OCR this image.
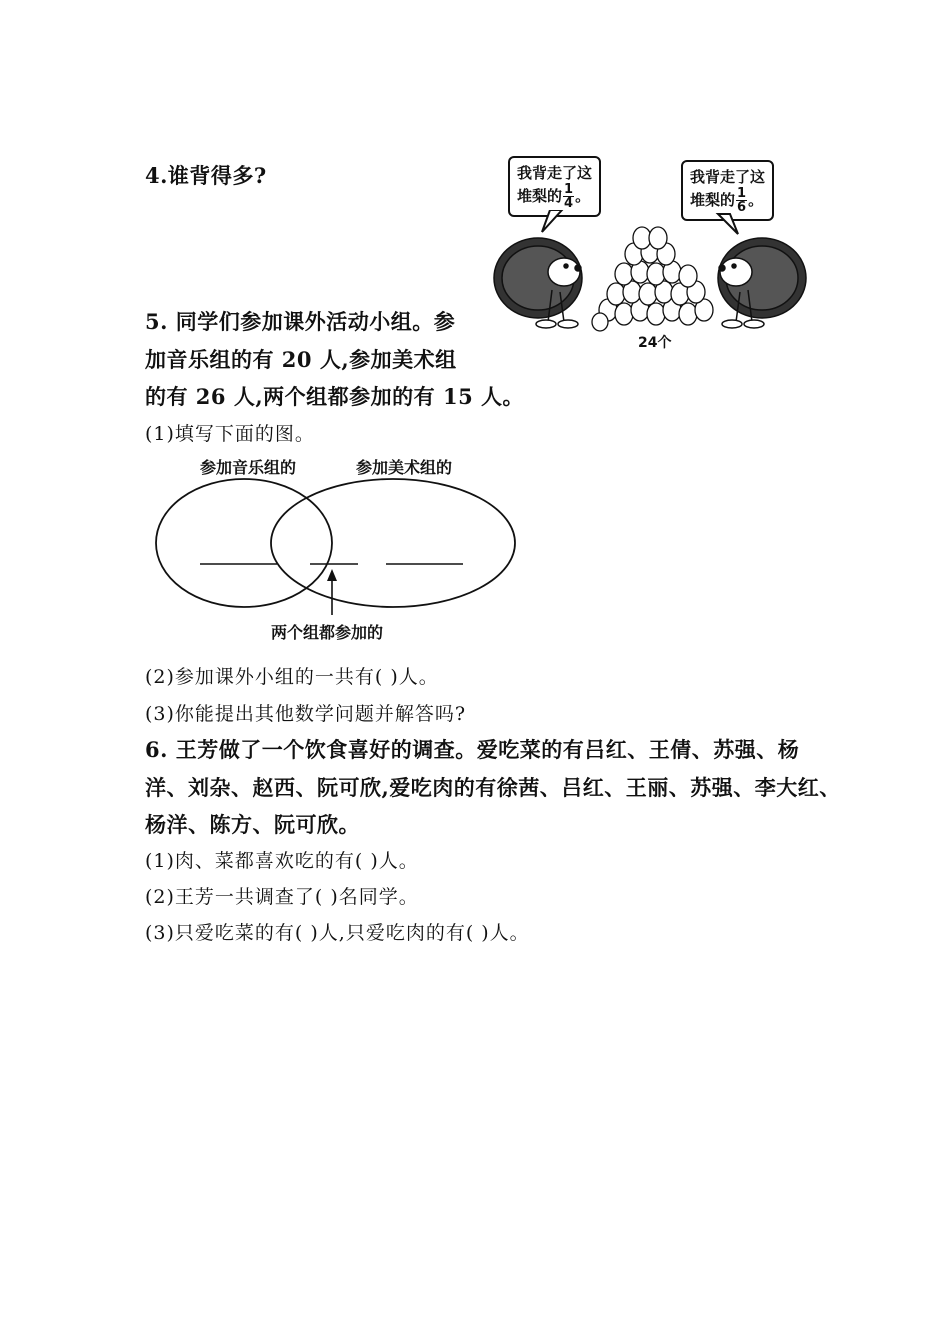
4.谁背得多?	我背走了这
堆梨的 $\frac{1}{4}$ 。
我背走了这
堆梨的 $\frac{1}{6}$ 。
24个
5. 同学们参加课外活动小组。参
加音乐组的有 20 人,参加美术组
的有 26 人,两个组都参加的有 15 人。
(1)填写下面的图。
参加音乐组的	参加美术组的
两个组都参加的
(2)参加课外小组的一共有( )人。
(3)你能提出其他数学问题并解答吗?
6. 王芳做了一个饮食喜好的调查。爱吃菜的有吕红、王倩、苏强、杨
洋、刘杂、赵西、阮可欣,爱吃肉的有徐茜、吕红、王丽、苏强、李大红、
杨洋、陈方、阮可欣。
(1)肉、菜都喜欢吃的有( )人。
(2)王芳一共调查了( )名同学。
(3)只爱吃菜的有( )人,只爱吃肉的有( )人。
